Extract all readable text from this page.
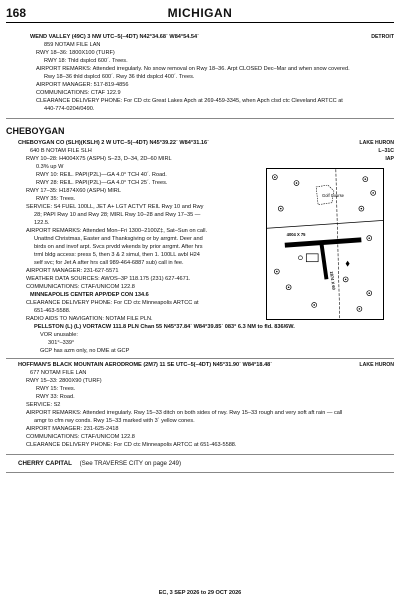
168	MICHIGAN
WEND VALLEY (49C) 3 NW UTC–5(–4DT) N42°34.68´ W84°54.54´	DETROIT
859 NOTAM FILE LAN
RWY 18–36: 1800X100 (TURF)
RWY 18: Thld dsplcd 600´. Trees.
AIRPORT REMARKS: Attended irregularly. No snow removal on Rwy 18–36. Arpt CLOSED Dec–Mar and when snow covered.
Rwy 18–36 thld dsplcd 600´. Rwy 36 thld dsplcd 400´. Trees.
AIRPORT MANAGER: 517-819-4856
COMMUNICATIONS: CTAF 122.9
CLEARANCE DELIVERY PHONE: For CD ctc Great Lakes Apch at 269-459-3345, when Apch clsd ctc Cleveland ARTCC at
440-774-0204/0490.
CHEBOYGAN
CHEBOYGAN CO (SLH)(KSLH) 2 W UTC–5(–4DT) N45°39.22´ W84°31.16´	LAKE HURON
640 B NOTAM FILE SLH	L–31C
IAP
RWY 10–28: H4004X75 (ASPH) S–23, D–34, 2D–60 MIRL
0.3% up W
RWY 10: REIL. PAPI(P2L)—GA 4.0° TCH 40´. Road.
RWY 28: REIL. PAPI(P2L)—GA 4.0° TCH 25´. Trees.
RWY 17–35: H1874X60 (ASPH) MIRL
RWY 35: Trees.
SERVICE: S4 FUEL 100LL, JET A+ LGT ACTVT REIL Rwy 10 and Rwy
28; PAPI Rwy 10 and Rwy 28; MIRL Rwy 10–28 and Rwy 17–35 —
122.5.
AIRPORT REMARKS: Attended Mon–Fri 1300–2100Z‡, Sat–Sun on call.
Unattnd Christmas, Easter and Thanksgiving or by arrgmt. Deer and
birds on and invof arpt. Svcs prvdd wkends by prior arrgmt. After hrs
trml bldg access: press 5, then 3 & 2 simul, then 1. 100LL avbl H24
self svc; for Jet A after hrs call 989-464-6887 sub) call in fee.
AIRPORT MANAGER: 231-627-5571
WEATHER DATA SOURCES: AWOS–3P 118.175 (231) 627-4671.
COMMUNICATIONS: CTAF/UNICOM 122.8
MINNEAPOLIS CENTER APP/DEP CON 134.6
CLEARANCE DELIVERY PHONE: For CD ctc Minneapolis ARTCC at
651-463-5588.
RADIO AIDS TO NAVIGATION: NOTAM FILE PLN.
PELLSTON (L) (L) VORTACW 111.8 PLN Chan 55 N45°37.84´ W84°39.85´ 083° 6.3 NM to fld. 836/6W.
VOR unusable:
301°–339°
GCP has azm only, no DME at GCP
Golf Course
4004 X 75
1874 X 60
HOFFMAN'S BLACK MOUNTAIN AERODROME (2M7) 11 SE UTC–5(–4DT) N45°31.90´ W84°18.48´	LAKE HURON
677 NOTAM FILE LAN
RWY 15–33: 2800X90 (TURF)
RWY 15: Trees.
RWY 33: Road.
SERVICE: S2
AIRPORT REMARKS: Attended irregularly. Rwy 15–33 ditch on both sides of rwy. Rwy 15–33 rough and very soft aft rain — call
amgr to cfm rwy conds. Rwy 15–33 marked with 3´ yellow cones.
AIRPORT MANAGER: 231-625-2418
COMMUNICATIONS: CTAF/UNICOM 122.8
CLEARANCE DELIVERY PHONE: For CD ctc Minneapolis ARTCC at 651-463-5588.
CHERRY CAPITAL (See TRAVERSE CITY on page 249)
EC, 3 SEP 2026 to 29 OCT 2026
